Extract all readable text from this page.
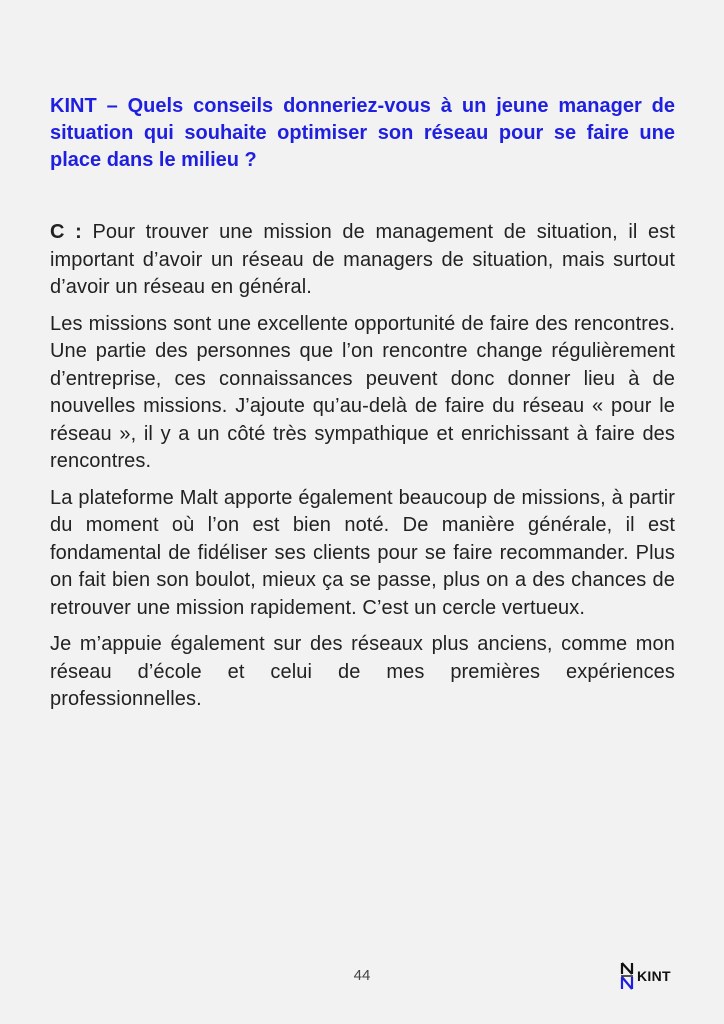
KINT – Quels conseils donneriez-vous à un jeune manager de situation qui souhaite optimiser son réseau pour se faire une place dans le milieu ?

C : Pour trouver une mission de management de situation, il est important d’avoir un réseau de managers de situation, mais surtout d’avoir un réseau en général.

Les missions sont une excellente opportunité de faire des rencontres. Une partie des personnes que l’on rencontre change régulièrement d’entreprise, ces connaissances peuvent donc donner lieu à de nouvelles missions. J’ajoute qu’au-delà de faire du réseau « pour le réseau », il y a un côté très sympathique et enrichissant à faire des rencontres.

La plateforme Malt apporte également beaucoup de missions, à partir du moment où l’on est bien noté. De manière générale, il est fondamental de fidéliser ses clients pour se faire recommander. Plus on fait bien son boulot, mieux ça se passe, plus on a des chances de retrouver une mission rapidement. C’est un cercle vertueux.

Je m’appuie également sur des réseaux plus anciens, comme mon réseau d’école et celui de mes premières expériences professionnelles.

44	KINT
